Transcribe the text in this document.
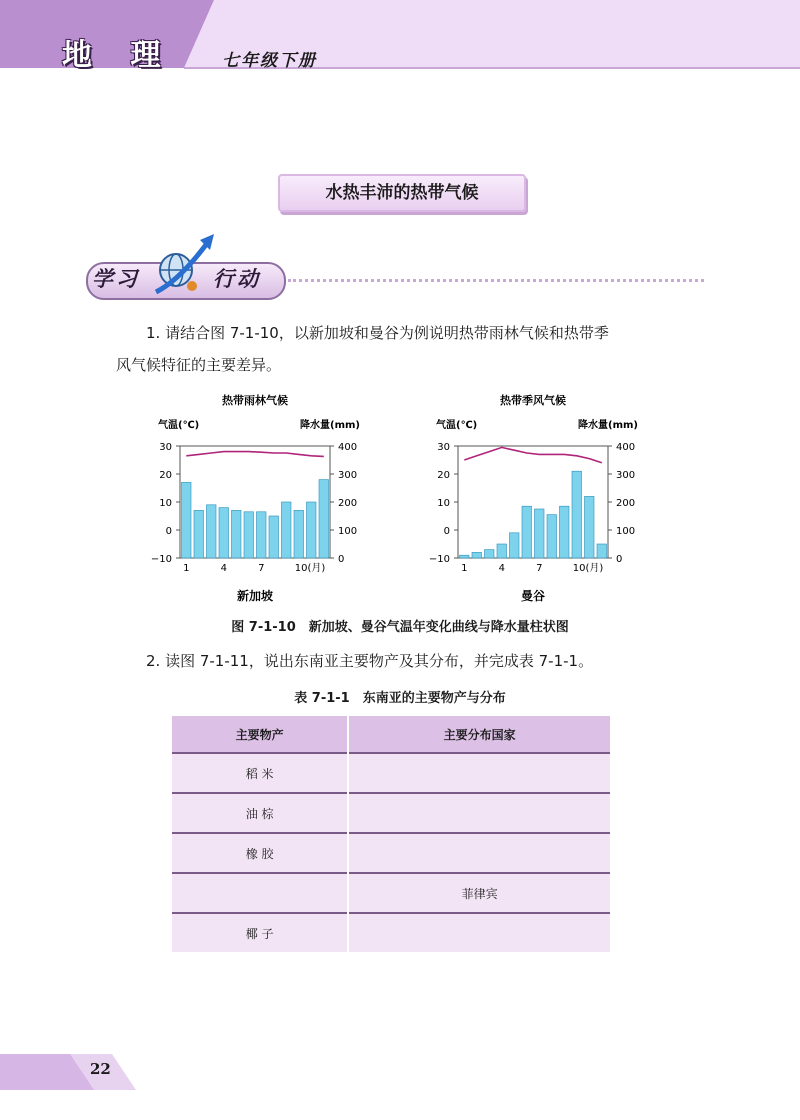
地 理	七年级下册
水热丰沛的热带气候
学习	行动
1. 请结合图 7-1-10，以新加坡和曼谷为例说明热带雨林气候和热带季
风气候特征的主要差异。
热带雨林气候
气温(℃)	降水量(mm)
30
20
10
0
−10
400
300
200
100
0
1	4	7	10(月)
新加坡
热带季风气候
气温(℃)	降水量(mm)
30
20
10
0
−10
400
300
200
100
0
1	4	7	10(月)
曼谷
图 7-1-10　新加坡、曼谷气温年变化曲线与降水量柱状图
2. 读图 7-1-11，说出东南亚主要物产及其分布，并完成表 7-1-1。
表 7-1-1　东南亚的主要物产与分布
主要物产	主要分布国家
稻 米	
油 棕	
橡 胶	
	菲律宾
椰 子	
22
